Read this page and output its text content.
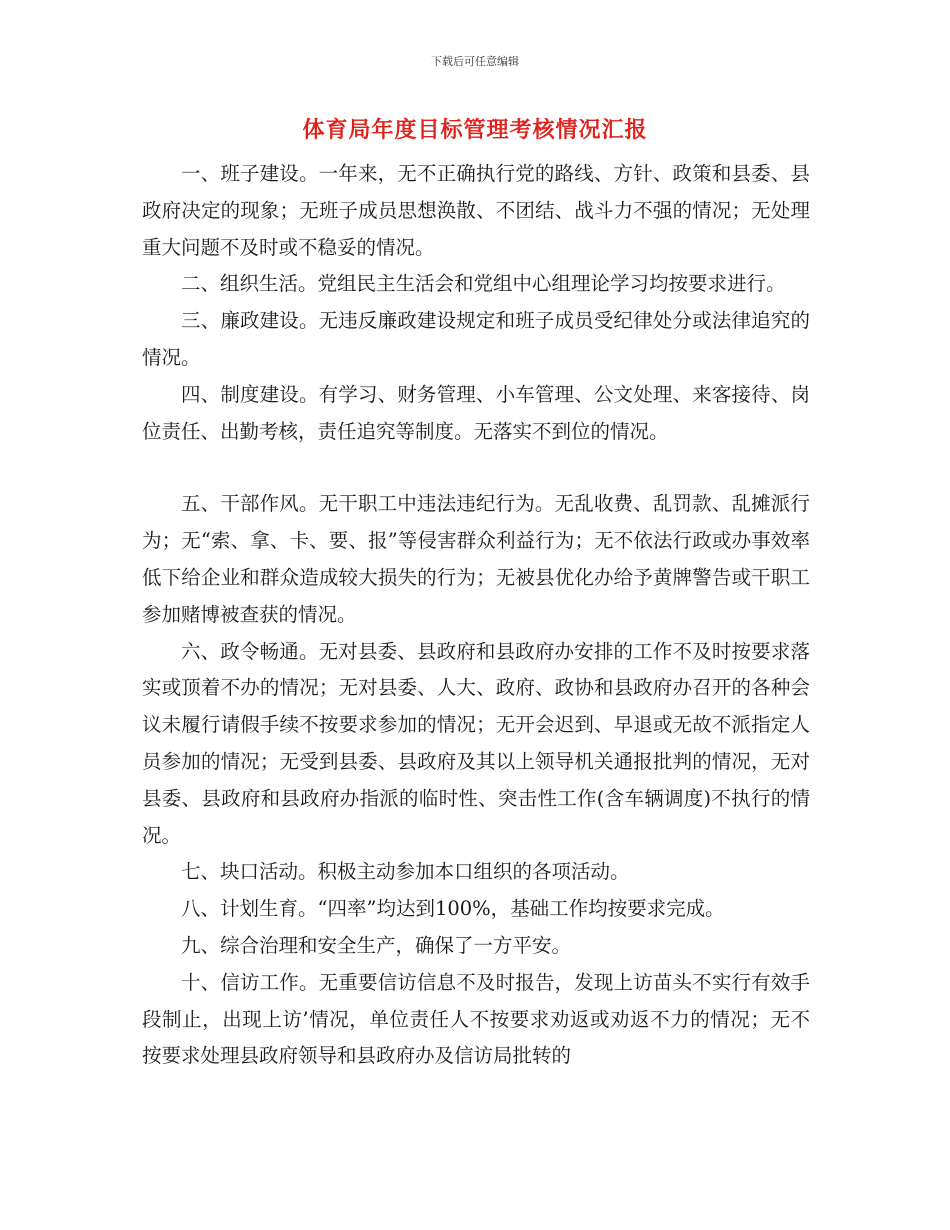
下载后可任意编辑
体育局年度目标管理考核情况汇报

一、班子建设。一年来，无不正确执行党的路线、方针、政策和县委、县政府决定的现象；无班子成员思想涣散、不团结、战斗力不强的情况；无处理重大问题不及时或不稳妥的情况。

二、组织生活。党组民主生活会和党组中心组理论学习均按要求进行。

三、廉政建设。无违反廉政建设规定和班子成员受纪律处分或法律追究的情况。

四、制度建设。有学习、财务管理、小车管理、公文处理、来客接待、岗位责任、出勤考核，责任追究等制度。无落实不到位的情况。

五、干部作风。无干职工中违法违纪行为。无乱收费、乱罚款、乱摊派行为；无“索、拿、卡、要、报”等侵害群众利益行为；无不依法行政或办事效率低下给企业和群众造成较大损失的行为；无被县优化办给予黄牌警告或干职工参加赌博被查获的情况。

六、政令畅通。无对县委、县政府和县政府办安排的工作不及时按要求落实或顶着不办的情况；无对县委、人大、政府、政协和县政府办召开的各种会议未履行请假手续不按要求参加的情况；无开会迟到、早退或无故不派指定人员参加的情况；无受到县委、县政府及其以上领导机关通报批判的情况，无对县委、县政府和县政府办指派的临时性、突击性工作(含车辆调度)不执行的情况。

七、块口活动。积极主动参加本口组织的各项活动。

八、计划生育。“四率”均达到100%，基础工作均按要求完成。

九、综合治理和安全生产，确保了一方平安。

十、信访工作。无重要信访信息不及时报告，发现上访苗头不实行有效手段制止，出现上访’情况，单位责任人不按要求劝返或劝返不力的情况；无不按要求处理县政府领导和县政府办及信访局批转的
